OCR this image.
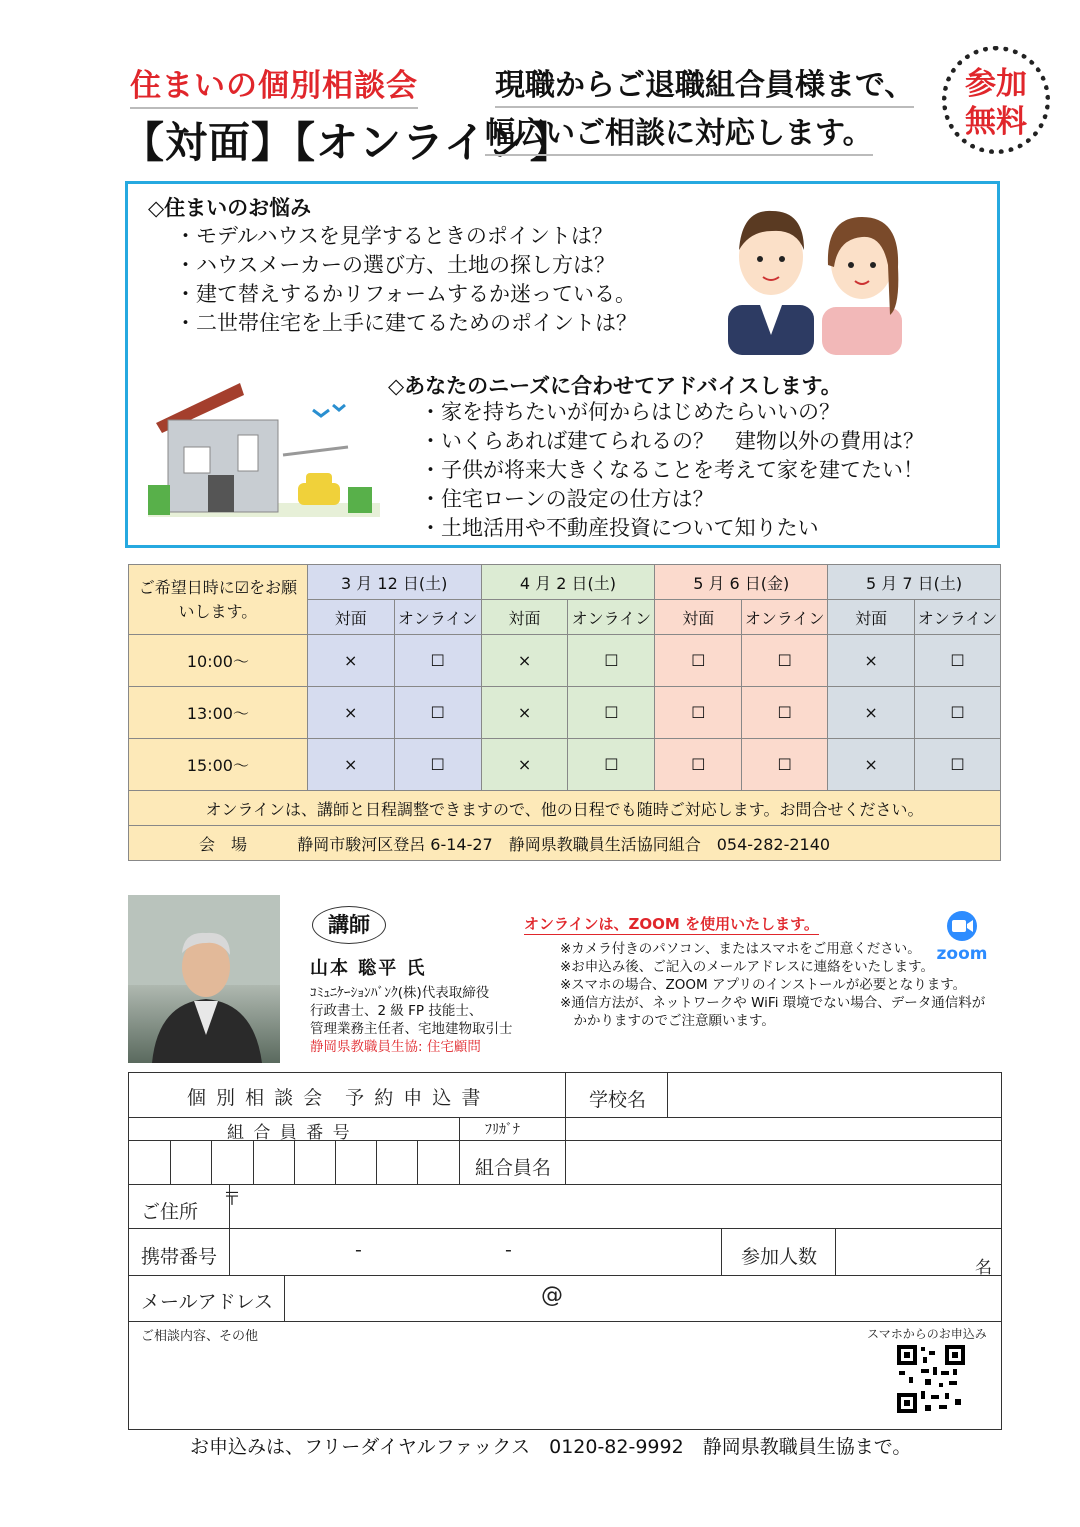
住まいの個別相談会	現職からご退職組合員様まで、
【対面】【オンライン】
幅広いご相談に対応します。
参加
無料
◇住まいのお悩み
・モデルハウスを見学するときのポイントは？
・ハウスメーカーの選び方、土地の探し方は？
・建て替えするかリフォームするか迷っている。
・二世帯住宅を上手に建てるためのポイントは？
◇あなたのニーズに合わせてアドバイスします。
・家を持ちたいが何からはじめたらいいの？
・いくらあれば建てられるの？　建物以外の費用は？
・子供が将来大きくなることを考えて家を建てたい！
・住宅ローンの設定の仕方は？
・土地活用や不動産投資について知りたい
ご希望日時に☑をお願いします。	3 月 12 日(土)		4 月 2 日(土)		5 月 6 日(金)		5 月 7 日(土)	
	対面	オンライン	対面	オンライン	対面	オンライン	対面	オンライン
10:00～	×	☐	×	☐	☐	☐	×	☐
13:00～	×	☐	×	☐	☐	☐	×	☐
15:00～	×	☐	×	☐	☐	☐	×	☐
オンラインは、講師と日程調整できますので、他の日程でも随時ご対応します。お問合せください。								
会　場 静岡市駿河区登呂 6-14-27　静岡県教職員生活協同組合　054-282-2140								
講師
山本 聡平 氏
ｺﾐｭﾆｹｰｼｮﾝﾊﾞﾝｸ(株)代表取締役
行政書士、2 級 FP 技能士、
管理業務主任者、宅地建物取引士
静岡県教職員生協: 住宅顧問
オンラインは、ZOOM を使用いたします。
zoom
※カメラ付きのパソコン、またはスマホをご用意ください。
※お申込み後、ご記入のメールアドレスに連絡をいたします。
※スマホの場合、ZOOM アプリのインストールが必要となります。
※通信方法が、ネットワークや WiFi 環境でない場合、データ通信料が
　かかりますのでご注意願います。
個 別 相 談 会　予 約 申 込 書	学校名
組 合 員 番 号	ﾌﾘｶﾞﾅ
組合員名
ご住所
〒
携帯番号	-	-	参加人数	名
メールアドレス	@
ご相談内容、その他	スマホからのお申込み
お申込みは、フリーダイヤルファックス　0120-82-9992　静岡県教職員生協まで。
